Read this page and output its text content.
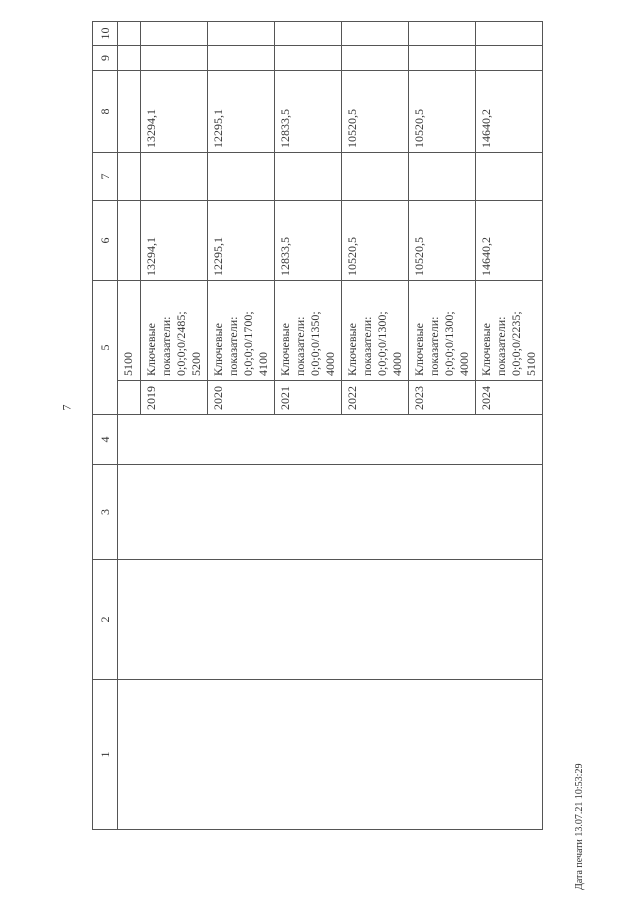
7
1	2	3	4	5		6	7	8	9	10
					5100					
				2019	Ключевые показатели: 0;0;0;0/2485; 5200	13294,1		13294,1		
				2020	Ключевые показатели: 0;0;0;0/1700; 4100	12295,1		12295,1		
				2021	Ключевые показатели: 0;0;0;0/1350; 4000	12833,5		12833,5		
				2022	Ключевые показатели: 0;0;0;0/1300; 4000	10520,5		10520,5		
				2023	Ключевые показатели: 0;0;0;0/1300; 4000	10520,5		10520,5		
				2024	Ключевые показатели: 0;0;0;0/2235; 5100	14640,2		14640,2		
Дата печати 13.07.21 10:53:29
